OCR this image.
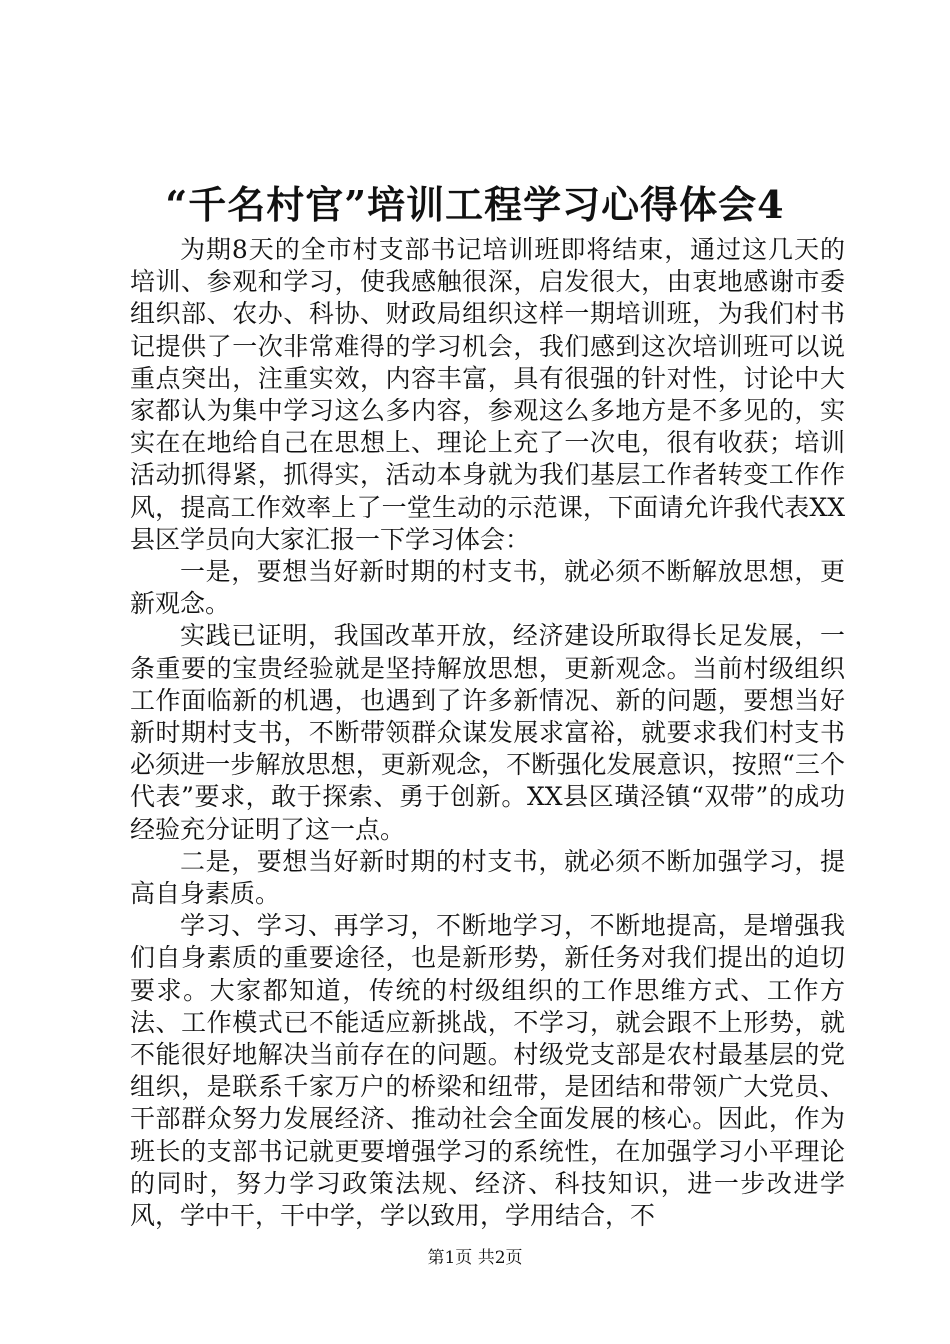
“千名村官”培训工程学习心得体会4

为期8天的全市村支部书记培训班即将结束，通过这几天的培训、参观和学习，使我感触很深，启发很大，由衷地感谢市委组织部、农办、科协、财政局组织这样一期培训班，为我们村书记提供了一次非常难得的学习机会，我们感到这次培训班可以说重点突出，注重实效，内容丰富，具有很强的针对性，讨论中大家都认为集中学习这么多内容，参观这么多地方是不多见的，实实在在地给自己在思想上、理论上充了一次电，很有收获；培训活动抓得紧，抓得实，活动本身就为我们基层工作者转变工作作风，提高工作效率上了一堂生动的示范课，下面请允许我代表XX县区学员向大家汇报一下学习体会：

一是，要想当好新时期的村支书，就必须不断解放思想，更新观念。

实践已证明，我国改革开放，经济建设所取得长足发展，一条重要的宝贵经验就是坚持解放思想，更新观念。当前村级组织工作面临新的机遇，也遇到了许多新情况、新的问题，要想当好新时期村支书，不断带领群众谋发展求富裕，就要求我们村支书必须进一步解放思想，更新观念，不断强化发展意识，按照“三个代表”要求，敢于探索、勇于创新。XX县区璜泾镇“双带”的成功经验充分证明了这一点。

二是，要想当好新时期的村支书，就必须不断加强学习，提高自身素质。

学习、学习、再学习，不断地学习，不断地提高，是增强我们自身素质的重要途径，也是新形势，新任务对我们提出的迫切要求。大家都知道，传统的村级组织的工作思维方式、工作方法、工作模式已不能适应新挑战，不学习，就会跟不上形势，就不能很好地解决当前存在的问题。村级党支部是农村最基层的党组织，是联系千家万户的桥梁和纽带，是团结和带领广大党员、干部群众努力发展经济、推动社会全面发展的核心。因此，作为班长的支部书记就更要增强学习的系统性，在加强学习小平理论的同时，努力学习政策法规、经济、科技知识，进一步改进学风，学中干，干中学，学以致用，学用结合，不

第1页 共2页
